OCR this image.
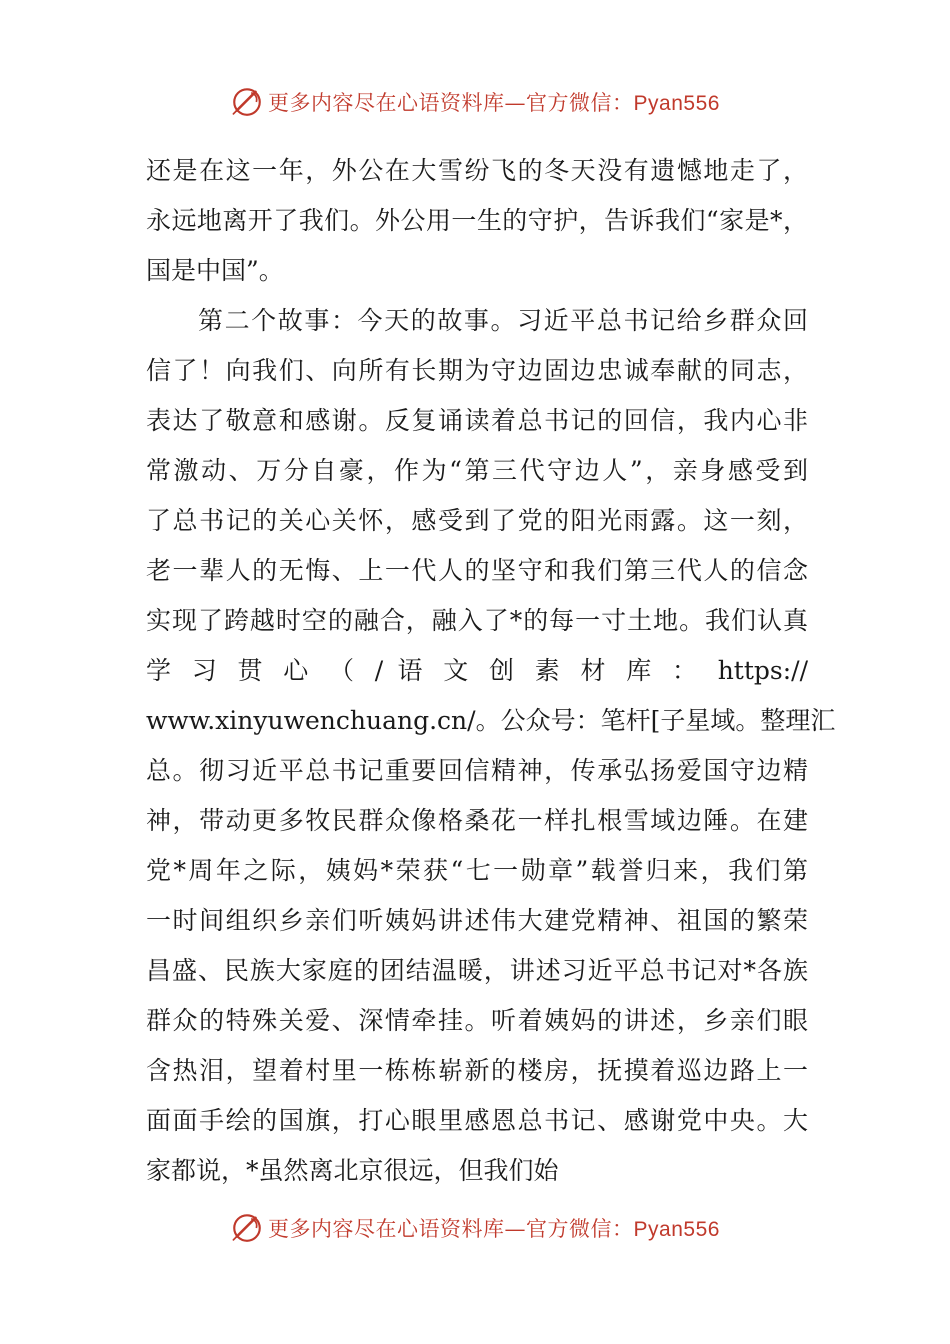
更多内容尽在心语资料库—官方微信：Pyan556
还是在这一年，外公在大雪纷飞的冬天没有遗憾地走了，
永远地离开了我们。外公用一生的守护，告诉我们“家是*，
国是中国”。
第二个故事：今天的故事。习近平总书记给乡群众回
信了！向我们、向所有长期为守边固边忠诚奉献的同志，
表达了敬意和感谢。反复诵读着总书记的回信，我内心非
常激动、万分自豪，作为“第三代守边人”，亲身感受到
了总书记的关心关怀，感受到了党的阳光雨露。这一刻，
老一辈人的无悔、上一代人的坚守和我们第三代人的信念
实现了跨越时空的融合，融入了*的每一寸土地。我们认真
学 习 贯 心 （ / 语 文 创 素 材 库 ： https://
www.xinyuwenchuang.cn/。公众号：笔杆[子星域。整理汇
总。彻习近平总书记重要回信精神，传承弘扬爱国守边精
神，带动更多牧民群众像格桑花一样扎根雪域边陲。在建
党*周年之际，姨妈*荣获“七一勋章”载誉归来，我们第
一时间组织乡亲们听姨妈讲述伟大建党精神、祖国的繁荣
昌盛、民族大家庭的团结温暖，讲述习近平总书记对*各族
群众的特殊关爱、深情牵挂。听着姨妈的讲述，乡亲们眼
含热泪，望着村里一栋栋崭新的楼房，抚摸着巡边路上一
面面手绘的国旗，打心眼里感恩总书记、感谢党中央。大
家都说，*虽然离北京很远，但我们始
更多内容尽在心语资料库—官方微信：Pyan556
